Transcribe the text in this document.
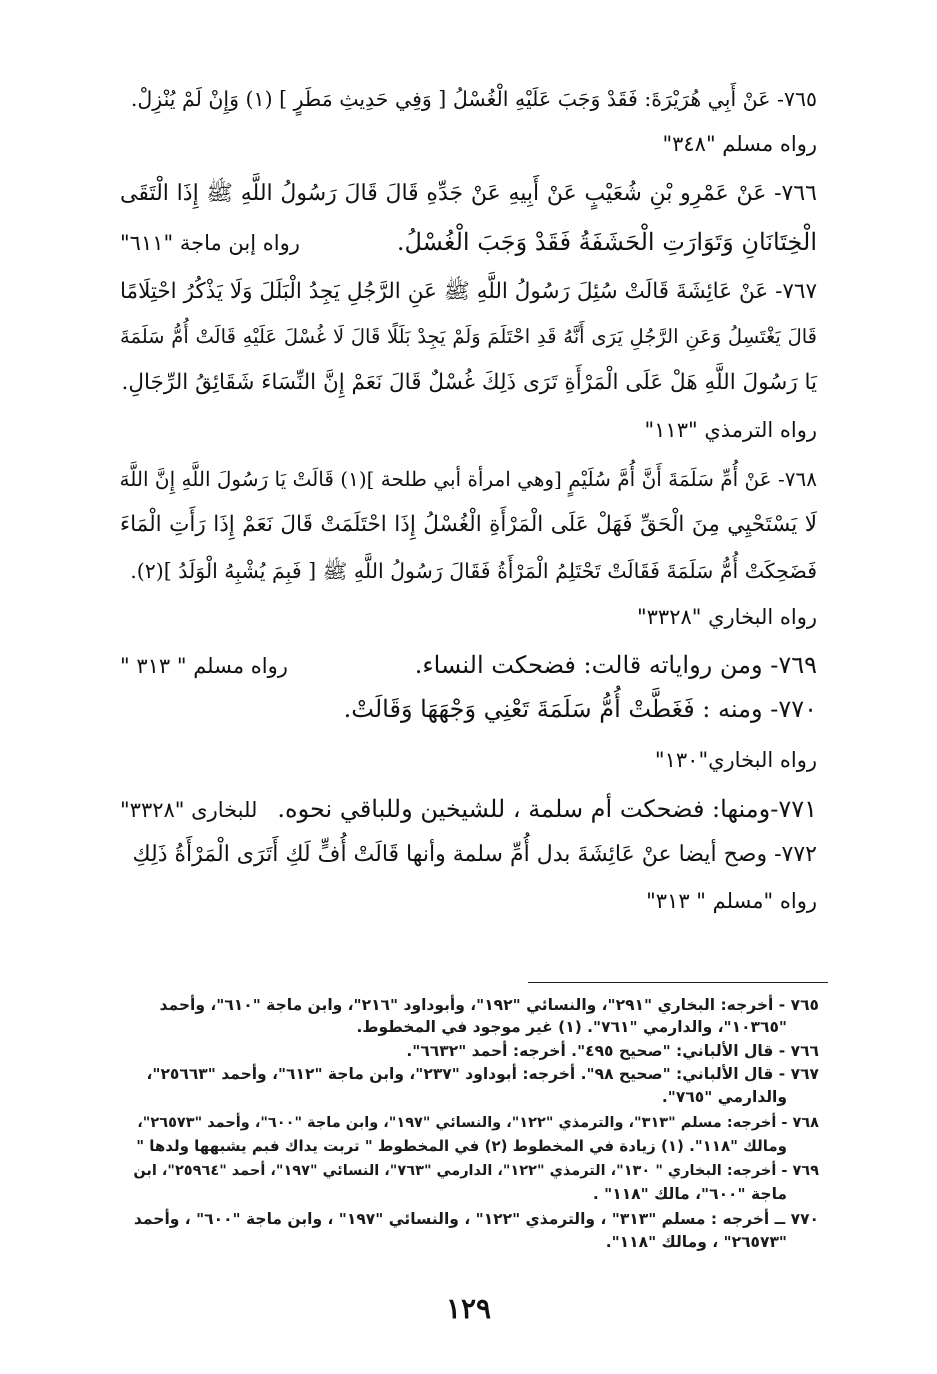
٧٦٥- عَنْ أَبِي هُرَيْرَةَ: فَقَدْ وَجَبَ عَلَيْهِ الْغُسْلُ [ وَفِي حَدِيثِ مَطَرٍ ] (١) وَإِنْ لَمْ يُنْزِلْ.
رواه مسلم "٣٤٨"
٧٦٦- عَنْ عَمْرِو بْنِ شُعَيْبٍ عَنْ أَبِيهِ عَنْ جَدِّهِ قَالَ قَالَ رَسُولُ اللَّهِ ﷺ إِذَا الْتَقَى
الْخِتَانَانِ وَتَوَارَتِ الْحَشَفَةُ فَقَدْ وَجَبَ الْغُسْلُ.
رواه إبن ماجة "٦١١"
٧٦٧- عَنْ عَائِشَةَ قَالَتْ سُئِلَ رَسُولُ اللَّهِ ﷺ عَنِ الرَّجُلِ يَجِدُ الْبَلَلَ وَلَا يَذْكُرُ احْتِلَامًا
قَالَ يَغْتَسِلُ وَعَنِ الرَّجُلِ يَرَى أَنَّهُ قَدِ احْتَلَمَ وَلَمْ يَجِدْ بَلَلًا قَالَ لَا غُسْلَ عَلَيْهِ قَالَتْ أُمُّ سَلَمَةَ
يَا رَسُولَ اللَّهِ هَلْ عَلَى الْمَرْأَةِ تَرَى ذَلِكَ غُسْلٌ قَالَ نَعَمْ إِنَّ النِّسَاءَ شَقَائِقُ الرِّجَالِ.
رواه الترمذي "١١٣"
٧٦٨- عَنْ أُمِّ سَلَمَةَ أَنَّ أُمَّ سُلَيْمٍ [وهي امرأة أبي طلحة ](١) قَالَتْ يَا رَسُولَ اللَّهِ إِنَّ اللَّهَ
لَا يَسْتَحْيِي مِنَ الْحَقِّ فَهَلْ عَلَى الْمَرْأَةِ الْغُسْلُ إِذَا احْتَلَمَتْ قَالَ نَعَمْ إِذَا رَأَتِ الْمَاءَ
فَضَحِكَتْ أُمُّ سَلَمَةَ فَقَالَتْ تَحْتَلِمُ الْمَرْأَةُ فَقَالَ رَسُولُ اللَّهِ ﷺ [ فَبِمَ يُشْبِهُ الْوَلَدُ ](٢).
رواه البخاري "٣٣٢٨"
٧٦٩- ومن رواياته قالت: فضحكت النساء.
رواه مسلم " ٣١٣ "
٧٧٠- ومنه : فَغَطَّتْ أُمُّ سَلَمَةَ تَعْنِي وَجْهَهَا وَقَالَتْ.
رواه البخاري"١٣٠"
٧٧١-ومنها: فضحكت أم سلمة ، للشيخين وللباقي نحوه.
للبخارى "٣٣٢٨"
٧٧٢- وصح أيضا عنْ عَائِشَةَ بدل أُمِّ سلمة وأنها قَالَتْ أُفٍّ لَكِ أَتَرَى الْمَرْأَةُ ذَلِكِ
رواه "مسلم " ٣١٣"
٧٦٥ - أخرجه: البخاري "٢٩١"، والنسائي "١٩٢"، وأبوداود "٢١٦"، وابن ماجة "٦١٠"، وأحمد
"١٠٣٦٥"، والدارمي "٧٦١". (١) غير موجود في المخطوط.
٧٦٦ - قال الألباني: "صحيح ٤٩٥". أخرجه: أحمد "٦٦٣٢".
٧٦٧ - قال الألباني: "صحيح ٩٨". أخرجه: أبوداود "٢٣٧"، وابن ماجة "٦١٢"، وأحمد "٢٥٦٦٣"،
والدارمي "٧٦٥".
٧٦٨ - أخرجه: مسلم "٣١٣"، والترمذي "١٢٢"، والنسائي "١٩٧"، وابن ماجة "٦٠٠"، وأحمد "٢٦٥٧٣"،
ومالك "١١٨". (١) زيادة في المخطوط (٢) في المخطوط " تربت يداك فبم يشبهها ولدها "
٧٦٩ - أخرجه: البخاري " ١٣٠"، الترمذي "١٢٢"، الدارمي "٧٦٣"، النسائي "١٩٧"، أحمد "٢٥٩٦٤"، ابن
ماجة "٦٠٠"، مالك "١١٨" .
٧٧٠ ــ أخرجه : مسلم "٣١٣" ، والترمذي "١٢٢" ، والنسائي "١٩٧" ، وابن ماجة "٦٠٠" ، وأحمد
"٢٦٥٧٣" ، ومالك "١١٨".
١٢٩
